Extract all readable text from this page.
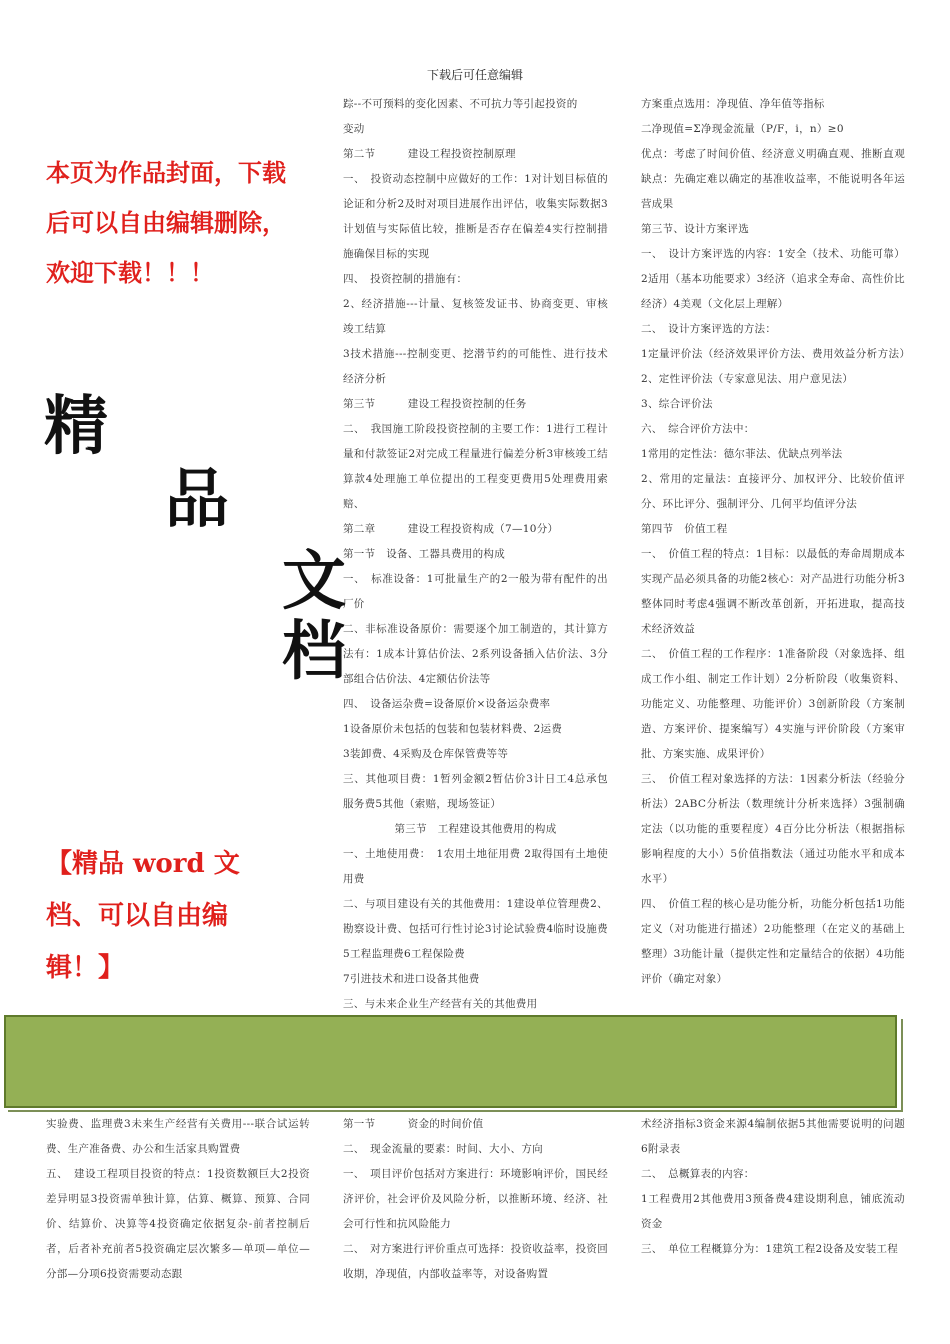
下载后可任意编辑
本页为作品封面，下载
后可以自由编辑删除，
欢迎下载！！！
精
品
文
档
【精品 word 文
档、可以自由编
辑！】

踪--不可预料的变化因素、不可抗力等引起投资的

变动

第二节　　　建设工程投资控制原理

一、　投资动态控制中应做好的工作：1对计划目标值的论证和分析2及时对项目进展作出评估，收集实际数据3计划值与实际值比较，推断是否存在偏差4实行控制措施确保目标的实现

四、　投资控制的措施有：

2、经济措施---计量、复核签发证书、协商变更、审核竣工结算

3技术措施---控制变更、挖潜节约的可能性、进行技术经济分析

第三节　　　建设工程投资控制的任务

二、　我国施工阶段投资控制的主要工作：1进行工程计量和付款签证2对完成工程量进行偏差分析3审核竣工结算款4处理施工单位提出的工程变更费用5处理费用索赔、

第二章　　　建设工程投资构成（7—10分）

第一节　设备、工器具费用的构成

一、　标准设备：1可批量生产的2一般为带有配件的出厂价

二、非标准设备原价：需要逐个加工制造的，其计算方法有：1成本计算估价法、2系列设备插入估价法、3分部组合估价法、4定额估价法等

四、　设备运杂费=设备原价×设备运杂费率

1设备原价未包括的包装和包装材料费、2运费

3装卸费、4采购及仓库保管费等等

三、其他项目费：1暂列金额2暂估价3计日工4总承包服务费5其他（索赔，现场签证）

第三节　工程建设其他费用的构成

一、土地使用费：　1农用土地征用费 2取得国有土地使用费

二、与项目建设有关的其他费用：1建设单位管理费2、勘察设计费、包括可行性讨论3讨论试验费4临时设施费　5工程监理费6工程保险费

7引进技术和进口设备其他费

三、与未来企业生产经营有关的其他费用

方案重点选用：净现值、净年值等指标

二净现值=Σ净现金流量（P/F，i，n）≥0

优点：考虑了时间价值、经济意义明确直观、推断直观缺点：先确定难以确定的基准收益率，不能说明各年运营成果

第三节、设计方案评选

一、　设计方案评选的内容：1安全（技术、功能可靠）2适用（基本功能要求）3经济（追求全寿命、高性价比经济）4美观（文化层上理解）

二、　设计方案评选的方法：

1定量评价法（经济效果评价方法、费用效益分析方法）2、定性评价法（专家意见法、用户意见法）

3、综合评价法

六、　综合评价方法中：

1常用的定性法：德尔菲法、优缺点列举法

2、常用的定量法：直接评分、加权评分、比较价值评分、环比评分、强制评分、几何平均值评分法

第四节　价值工程

一、　价值工程的特点：1目标：以最低的寿命周期成本实现产品必须具备的功能2核心：对产品进行功能分析3整体同时考虑4强调不断改革创新，开拓进取，提高技术经济效益

二、　价值工程的工作程序：1准备阶段（对象选择、组成工作小组、制定工作计划）2分析阶段（收集资料、功能定义、功能整理、功能评价）3创新阶段（方案制造、方案评价、提案编写）4实施与评价阶段（方案审批、方案实施、成果评价）

三、　价值工程对象选择的方法：1因素分析法（经验分析法）2ABC分析法（数理统计分析来选择）3强制确定法（以功能的重要程度）4百分比分析法（根据指标影响程度的大小）5价值指数法（通过功能水平和成本水平）

四、　价值工程的核心是功能分析，功能分析包括1功能定义（对功能进行描述）2功能整理（在定义的基础上整理）3功能计量（提供定性和定量结合的依据）4功能评价（确定对象）

实验费、监理费3未来生产经营有关费用---联合试运转费、生产准备费、办公和生活家具购置费

五、　建设工程项目投资的特点：1投资数额巨大2投资差异明显3投资需单独计算，估算、概算、预算、合同价、结算价、决算等4投资确定依据复杂-前者控制后者，后者补充前者5投资确定层次繁多—单项—单位—分部—分项6投资需要动态跟

第一节　　　资金的时间价值

二、　现金流量的要素：时间、大小、方向

一、　项目评价包括对方案进行：环境影响评价，国民经济评价，社会评价及风险分析，以推断环境、经济、社会可行性和抗风险能力

二、　对方案进行评价重点可选择：投资收益率，投资回收期，净现值，内部收益率等，对设备购置

术经济指标3资金来源4编制依据5其他需要说明的问题6附录表

二、　总概算表的内容：

1工程费用2其他费用3预备费4建设期利息，铺底流动资金

三、　单位工程概算分为：1建筑工程2设备及安装工程
